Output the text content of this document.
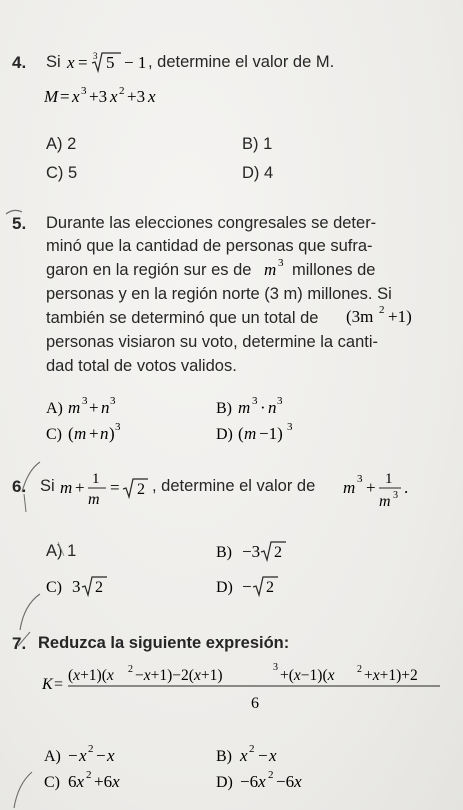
4. Si x = 3 5 − 1 , determine el valor de M.
M = x 3 +3 x 2 +3 x
A) 2	B) 1
C) 5	D) 4
5. Durante las elecciones congresales se deter-
minó que la cantidad de personas que sufra-
garon en la región sur es de m 3 millones de
personas y en la región norte (3 m) millones. Si
también se determinó que un total de (3m 2 +1)
personas visiaron su voto, determine la canti-
dad total de votos validos.
A) m 3 + n 3	B) m 3 · n 3
C) ( m + n ) 3	D) ( m −1) 3
6. Si m + 1
m
= 2 , determine el valor de m 3 + 1
m 3 .
A) 1	B) −3 2
C) 3 2	D) − 2
7. Reduzca la siguiente expresión:
K =
(x+1)(x 2 −x+1)−2(x+1)	3 +(x−1)(x 2 +x+1)+2
6
A) − x 2 − x	B) x 2 − x
C) 6x 2 +6x	D) −6x 2 −6x
